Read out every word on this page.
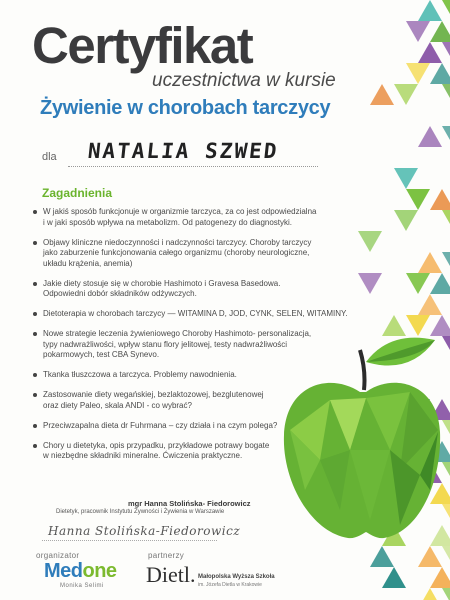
Certyfikat
uczestnictwa w kursie
Żywienie w chorobach tarczycy
dla NATALIA SZWED
Zagadnienia
W jakiś sposób funkcjonuje w organizmie tarczyca, za co jest odpowiedzialna
i w jaki sposób wpływa na metabolizm. Od patogenezy do diagnostyki.
Objawy kliniczne niedoczynności i nadczynności tarczycy. Choroby tarczycy
jako zaburzenie funkcjonowania całego organizmu (choroby neurologiczne,
układu krążenia, anemia)
Jakie diety stosuje się w chorobie Hashimoto i Gravesa Basedowa.
Odpowiedni dobór składników odżywczych.
Dietoterapia w chorobach tarczycy — WITAMINA D, JOD, CYNK, SELEN, WITAMINY.
Nowe strategie leczenia żywieniowego Choroby Hashimoto- personalizacja,
typy nadwrażliwości, wpływ stanu flory jelitowej, testy nadwrażliwości
pokarmowych, test CBA Synevo.
Tkanka tłuszczowa a tarczyca. Problemy nawodnienia.
Zastosowanie diety wegańskiej, bezlaktozowej, bezglutenowej
oraz diety Paleo, skala ANDI - co wybrać?
Przeciwzapalna dieta dr Fuhrmana – czy działa i na czym polega?
Chory u dietetyka, opis przypadku, przykładowe potrawy bogate
w niezbędne składniki mineralne. Ćwiczenia praktyczne.
mgr Hanna Stolińska- Fiedorowicz
Dietetyk, pracownik Instytutu Żywności i Żywienia w Warszawie
Hanna Stolińska-Fiedorowicz
organizator	partnerzy
Medone
Monika Selimi Dietl. Małopolska Wyższa Szkoła
im. Józefa Dietla w Krakowie
